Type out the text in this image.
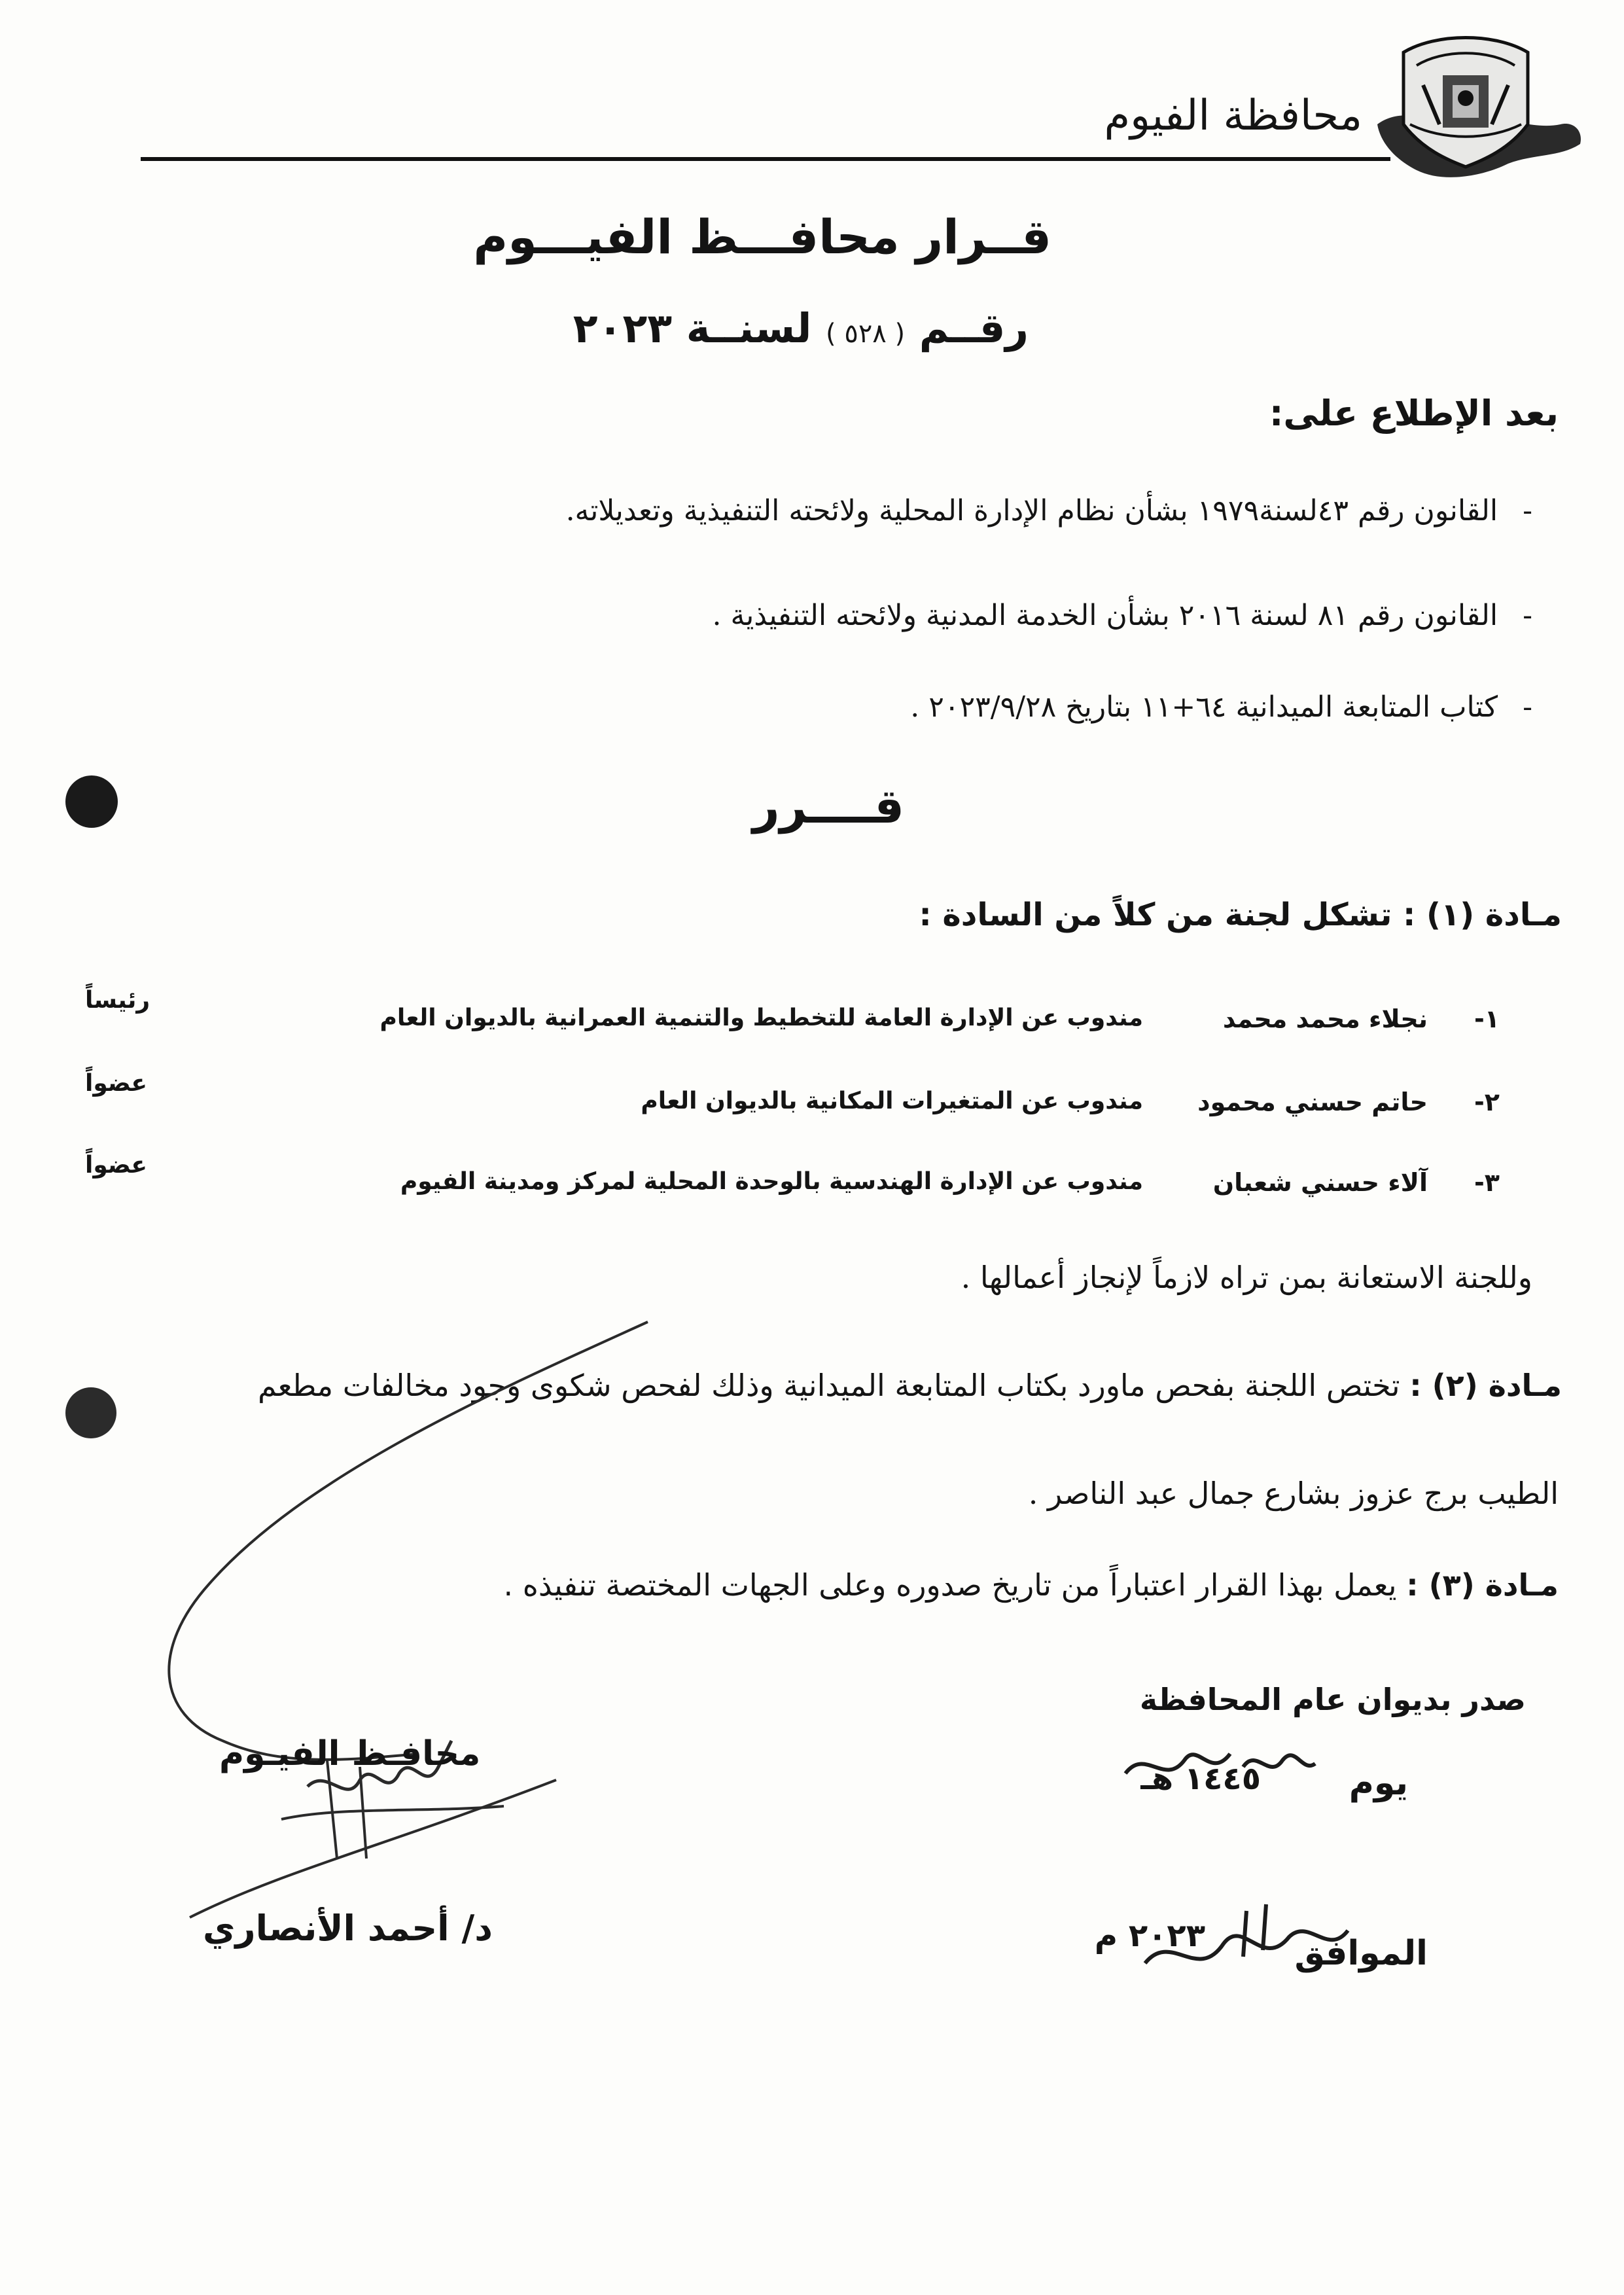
محافظة الفيوم
قــرار محافـــظ الفيـــوم
رقــم ( ٥٢٨ ) لسنــة ٢٠٢٣
بعد الإطلاع على:
-القانون رقم ٤٣لسنة١٩٧٩ بشأن نظام الإدارة المحلية ولائحته التنفيذية وتعديلاته.
-القانون رقم ٨١ لسنة ٢٠١٦ بشأن الخدمة المدنية ولائحته التنفيذية .
-كتاب المتابعة الميدانية ٦٤+١١ بتاريخ ٢٠٢٣/٩/٢٨ .
قــــرر
مـادة (١) : تشكل لجنة من كلاً من السادة :
١-
نجلاء محمد محمد
مندوب عن الإدارة العامة للتخطيط والتنمية العمرانية بالديوان العام
رئيساً
٢-
حاتم حسني محمود
مندوب عن المتغيرات المكانية بالديوان العام
عضواً
٣-
آلاء حسني شعبان
مندوب عن الإدارة الهندسية بالوحدة المحلية لمركز ومدينة الفيوم
عضواً
وللجنة الاستعانة بمن تراه لازماً لإنجاز أعمالها .
مـادة (٢) : تختص اللجنة بفحص ماورد بكتاب المتابعة الميدانية وذلك لفحص شكوى وجود مخالفات مطعم
الطيب برج عزوز بشارع جمال عبد الناصر .
مـادة (٣) : يعمل بهذا القرار اعتباراً من تاريخ صدوره وعلى الجهات المختصة تنفيذه .
صدر بديوان عام المحافظة
يوم
١٤٤٥ هـ
الموافق
٢٠٢٣ م
محافـظ الفيـوم
د/ أحمد الأنصاري
